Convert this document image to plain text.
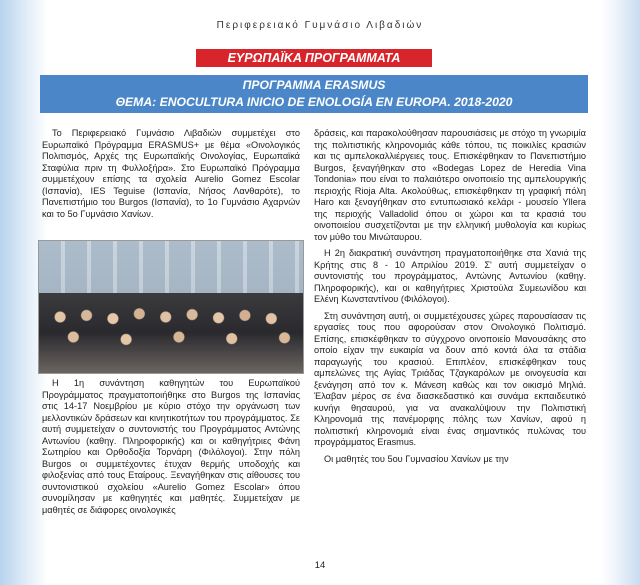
Περιφερειακό Γυμνάσιο Λιβαδιών
ΕΥΡΩΠΑΪΚΑ ΠΡΟΓΡΑΜΜΑΤΑ
ΠΡΟΓΡΑΜΜΑ ERASMUS
ΘΕΜΑ: ENOCULTURA INICIO DE ENOLOGÍA EN EUROPA. 2018-2020

Το Περιφερειακό Γυμνάσιο Λιβαδιών συμμετέχει στο Ευρωπαϊκό Πρόγραμμα ERASMUS+ με θέμα «Οινολογικός Πολιτισμός, Αρχές της Ευρωπαϊκής Οινολογίας, Ευρωπαϊκά Σταφύλια πριν τη Φυλλοξήρα». Στο Ευρωπαϊκό Πρόγραμμα συμμετέχουν επίσης τα σχολεία Aurelio Gomez Escolar (Ισπανία), IES Teguise (Ισπανία, Νήσος Λανθαρότε), το Πανεπιστήμιο του Burgos (Ισπανία), το 1ο Γυμνάσιο Αχαρνών και το 5ο Γυμνάσιο Χανίων.

Η 1η συνάντηση καθηγητών του Ευρωπαϊκού Προγράμματος πραγματοποιήθηκε στο Burgos της Ισπανίας στις 14-17 Νοεμβρίου με κύριο στόχο την οργάνωση των μελλοντικών δράσεων και κινητικοτήτων του προγράμματος. Σε αυτή συμμετείχαν ο συντονιστής του Προγράμματος Αντώνης Αντωνίου (καθηγ. Πληροφορικής) και οι καθηγήτριες Φάνη Σωτηρίου και Ορθοδοξία Τορνάρη (Φιλόλογοι). Στην πόλη Burgos οι συμμετέχοντες έτυχαν θερμής υποδοχής και φιλοξενίας από τους Εταίρους. Ξεναγήθηκαν στις αίθουσες του συντονιστικού σχολείου «Aurelio Gomez Escolar» όπου συνομίλησαν με καθηγητές και μαθητές. Συμμετείχαν με μαθητές σε διάφορες οινολογικές

δράσεις, και παρακολούθησαν παρουσιάσεις με στόχο τη γνωριμία της πολιτιστικής κληρονομιάς κάθε τόπου, τις ποικιλίες κρασιών και τις αμπελοκαλλιέργειες τους. Επισκέφθηκαν το Πανεπιστήμιο Burgos, ξεναγήθηκαν στο «Bodegas Lopez de Heredia Vina Tondonia» που είναι το παλαιότερο οινοποιείο της αμπελουργικής περιοχής Rioja Alta. Ακολούθως, επισκέφθηκαν τη γραφική πόλη Haro και ξεναγήθηκαν στο εντυπωσιακό κελάρι - μουσείο Yllera της περιοχής Valladolid όπου οι χώροι και τα κρασιά του οινοποιείου συσχετίζονται με την ελληνική μυθολογία και κυρίως τον μύθο του Μινώταυρου.

Η 2η διακρατική συνάντηση πραγματοποιήθηκε στα Χανιά της Κρήτης στις 8 - 10 Απριλίου 2019. Σ' αυτή συμμετείχαν ο συντονιστής του προγράμματος, Αντώνης Αντωνίου (καθηγ. Πληροφορικής), και οι καθηγήτριες Χριστούλα Συμεωνίδου και Ελένη Κωνσταντίνου (Φιλόλογοι).

Στη συνάντηση αυτή, οι συμμετέχουσες χώρες παρουσίασαν τις εργασίες τους που αφορούσαν στον Οινολογικό Πολιτισμό. Επίσης, επισκέφθηκαν το σύγχρονο οινοποιείο Μανουσάκης στο οποίο είχαν την ευκαιρία να δουν από κοντά όλα τα στάδια παραγωγής του κρασιού. Επιπλέον, επισκέφθηκαν τους αμπελώνες της Αγίας Τριάδας Τζαγκαρόλων με οινογευσία και ξενάγηση από τον κ. Μάνεση καθώς και τον οικισμό Μηλιά. Έλαβαν μέρος σε ένα διασκεδαστικό και συνάμα εκπαιδευτικό κυνήγι θησαυρού, για να ανακαλύψουν την Πολιτιστική Κληρονομιά της πανέμορφης πόλης των Χανίων, αφού η πολιτιστική κληρονομιά είναι ένας σημαντικός πυλώνας του προγράμματος Erasmus.

Οι μαθητές του 5ου Γυμνασίου Χανίων με την

14
